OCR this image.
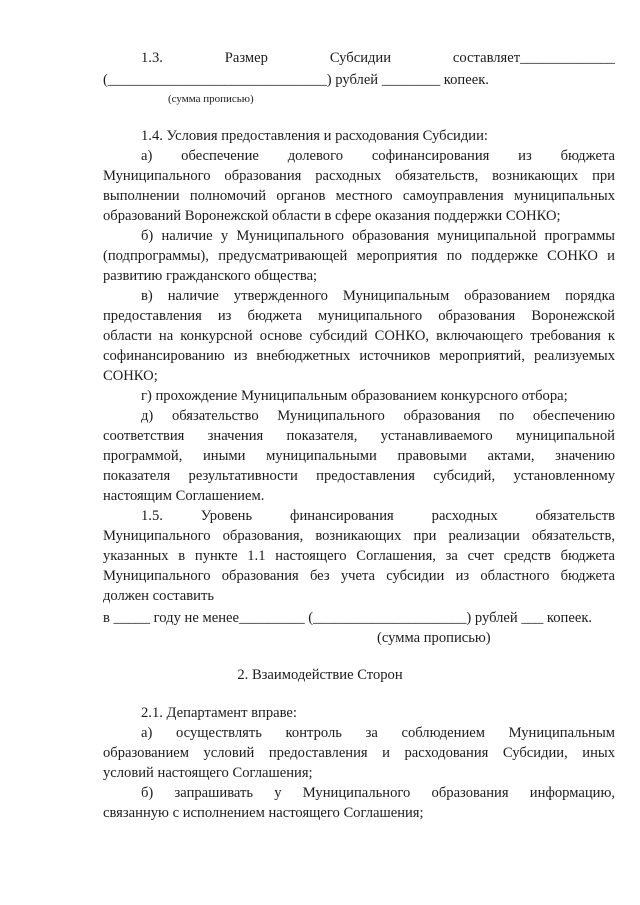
1.3.	Размер	Субсидии	составляет_____________
(______________________________) рублей ________ копеек.
(сумма прописью)
1.4. Условия предоставления и расходования Субсидии:
а) обеспечение долевого софинансирования из бюджета
Муниципального образования расходных обязательств, возникающих при
выполнении полномочий органов местного самоуправления муниципальных
образований Воронежской области в сфере оказания поддержки СОНКО;
б) наличие у Муниципального образования муниципальной программы
(подпрограммы), предусматривающей мероприятия по поддержке СОНКО и
развитию гражданского общества;
в) наличие утвержденного Муниципальным образованием порядка
предоставления из бюджета муниципального образования Воронежской
области на конкурсной основе субсидий СОНКО, включающего требования к
софинансированию из внебюджетных источников мероприятий, реализуемых
СОНКО;
г) прохождение Муниципальным образованием конкурсного отбора;
д) обязательство Муниципального образования по обеспечению
соответствия значения показателя, устанавливаемого муниципальной
программой, иными муниципальными правовыми актами, значению
показателя результативности предоставления субсидий, установленному
настоящим Соглашением.
1.5.	Уровень	финансирования	расходных	обязательств
Муниципального образования, возникающих при реализации обязательств,
указанных в пункте 1.1 настоящего Соглашения, за счет средств бюджета
Муниципального образования без учета субсидии из областного бюджета
должен составить
в _____ году не менее_________ (_____________________) рублей ___ копеек.
(сумма прописью)
2. Взаимодействие Сторон
2.1. Департамент вправе:
а) осуществлять контроль за соблюдением Муниципальным
образованием условий предоставления и расходования Субсидии, иных
условий настоящего Соглашения;
б) запрашивать у Муниципального образования информацию,
связанную с исполнением настоящего Соглашения;
